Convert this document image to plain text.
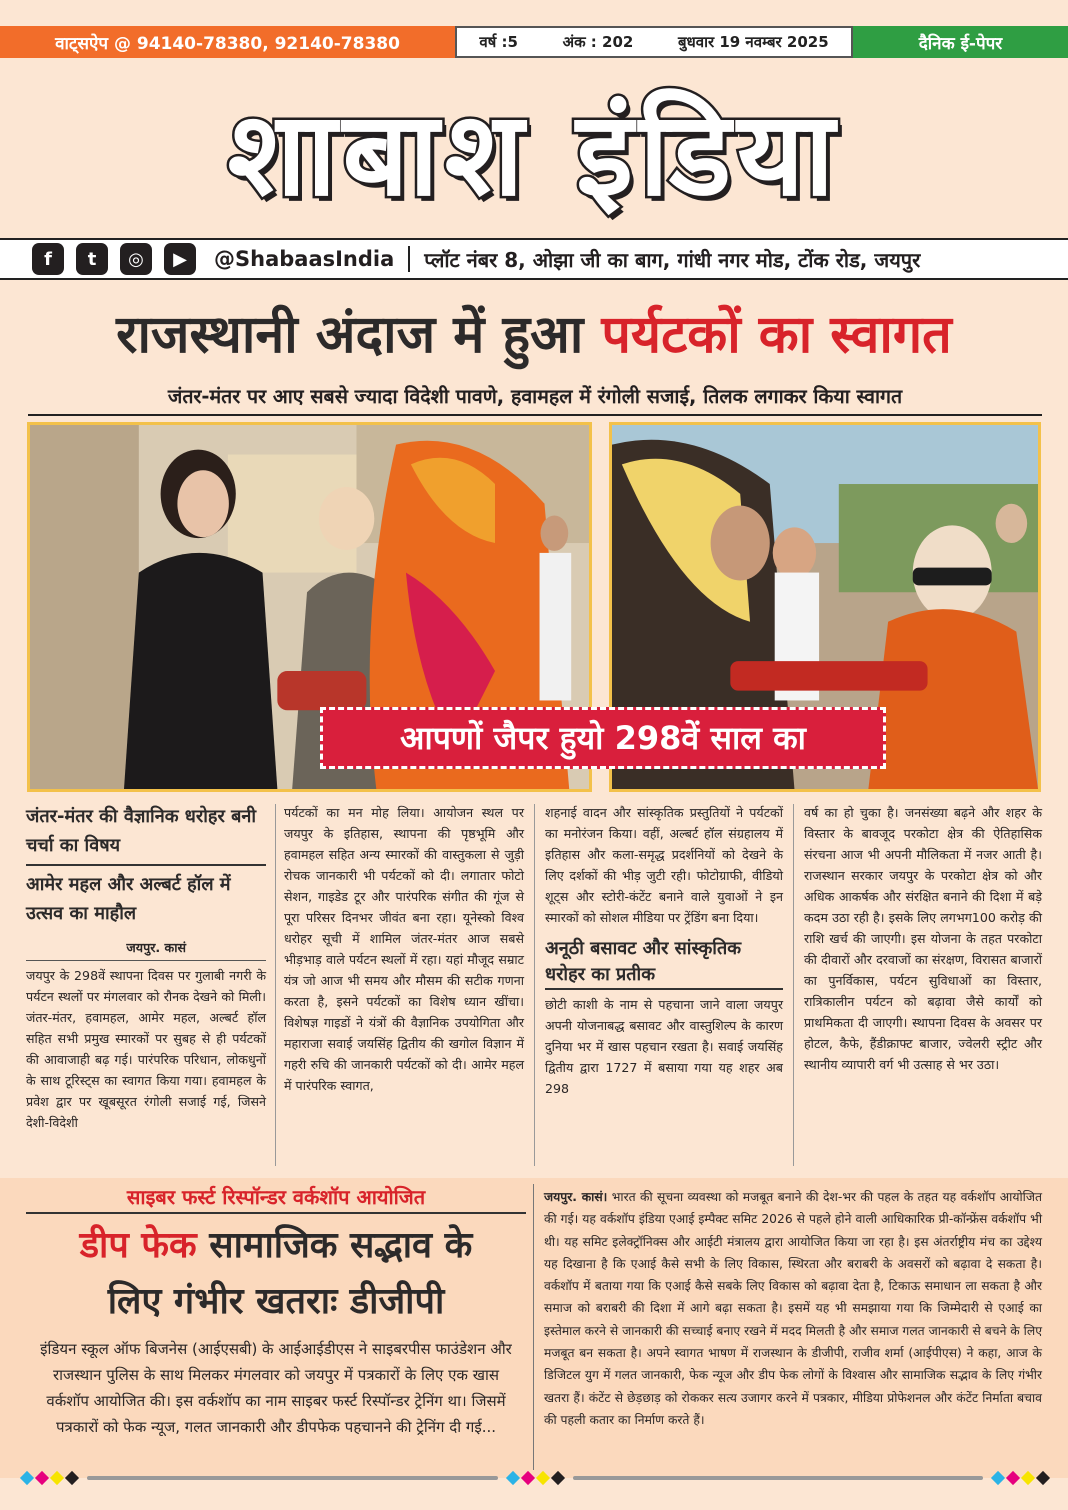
वाट्सऐप @ 94140-78380, 92140-78380	वर्ष :5	अंक : 202	बुधवार 19 नवम्बर 2025	दैनिक ई-पेपर
शाबाश इंडिया
f	t	◎	▶	@ShabaasIndia प्लॉट नंबर 8, ओझा जी का बाग, गांधी नगर मोड, टोंक रोड, जयपुर
राजस्थानी अंदाज में हुआ पर्यटकों का स्वागत
जंतर-मंतर पर आए सबसे ज्यादा विदेशी पावणे, हवामहल में रंगोली सजाई, तिलक लगाकर किया स्वागत
आपणों जैपर हुयो 298वें साल का
जंतर-मंतर की वैज्ञानिक धरोहर बनी चर्चा का विषय
आमेर महल और अल्बर्ट हॉल में उत्सव का माहौल
जयपुर. कासं
जयपुर के 298वें स्थापना दिवस पर गुलाबी नगरी के पर्यटन स्थलों पर मंगलवार को रौनक देखने को मिली। जंतर-मंतर, हवामहल, आमेर महल, अल्बर्ट हॉल सहित सभी प्रमुख स्मारकों पर सुबह से ही पर्यटकों की आवाजाही बढ़ गई। पारंपरिक परिधान, लोकधुनों के साथ टूरिस्ट्स का स्वागत किया गया। हवामहल के प्रवेश द्वार पर खूबसूरत रंगोली सजाई गई, जिसने देशी-विदेशी
पर्यटकों का मन मोह लिया। आयोजन स्थल पर जयपुर के इतिहास, स्थापना की पृष्ठभूमि और हवामहल सहित अन्य स्मारकों की वास्तुकला से जुड़ी रोचक जानकारी भी पर्यटकों को दी। लगातार फोटो सेशन, गाइडेड टूर और पारंपरिक संगीत की गूंज से पूरा परिसर दिनभर जीवंत बना रहा। यूनेस्को विश्व धरोहर सूची में शामिल जंतर-मंतर आज सबसे भीड़भाड़ वाले पर्यटन स्थलों में रहा। यहां मौजूद सम्राट यंत्र जो आज भी समय और मौसम की सटीक गणना करता है, इसने पर्यटकों का विशेष ध्यान खींचा। विशेषज्ञ गाइडों ने यंत्रों की वैज्ञानिक उपयोगिता और महाराजा सवाई जयसिंह द्वितीय की खगोल विज्ञान में गहरी रुचि की जानकारी पर्यटकों को दी। आमेर महल में पारंपरिक स्वागत,
शहनाई वादन और सांस्कृतिक प्रस्तुतियों ने पर्यटकों का मनोरंजन किया। वहीं, अल्बर्ट हॉल संग्रहालय में इतिहास और कला-समृद्ध प्रदर्शनियों को देखने के लिए दर्शकों की भीड़ जुटी रही। फोटोग्राफी, वीडियो शूट्स और स्टोरी-कंटेंट बनाने वाले युवाओं ने इन स्मारकों को सोशल मीडिया पर ट्रेंडिंग बना दिया।
अनूठी बसावट और सांस्कृतिक धरोहर का प्रतीक
छोटी काशी के नाम से पहचाना जाने वाला जयपुर अपनी योजनाबद्ध बसावट और वास्तुशिल्प के कारण दुनिया भर में खास पहचान रखता है। सवाई जयसिंह द्वितीय द्वारा 1727 में बसाया गया यह शहर अब 298
वर्ष का हो चुका है। जनसंख्या बढ़ने और शहर के विस्तार के बावजूद परकोटा क्षेत्र की ऐतिहासिक संरचना आज भी अपनी मौलिकता में नजर आती है। राजस्थान सरकार जयपुर के परकोटा क्षेत्र को और अधिक आकर्षक और संरक्षित बनाने की दिशा में बड़े कदम उठा रही है। इसके लिए लगभग100 करोड़ की राशि खर्च की जाएगी। इस योजना के तहत परकोटा की दीवारों और दरवाजों का संरक्षण, विरासत बाजारों का पुनर्विकास, पर्यटन सुविधाओं का विस्तार, रात्रिकालीन पर्यटन को बढ़ावा जैसे कार्यों को प्राथमिकता दी जाएगी। स्थापना दिवस के अवसर पर होटल, कैफे, हैंडीक्राफ्ट बाजार, ज्वेलरी स्ट्रीट और स्थानीय व्यापारी वर्ग भी उत्साह से भर उठा।
साइबर फर्स्ट रिस्पॉन्डर वर्कशॉप आयोजित
डीप फेक सामाजिक सद्भाव के
लिए गंभीर खतराः डीजीपी
इंडियन स्कूल ऑफ बिजनेस (आईएसबी) के आईआईडीएस ने साइबरपीस फाउंडेशन और राजस्थान पुलिस के साथ मिलकर मंगलवार को जयपुर में पत्रकारों के लिए एक खास वर्कशॉप आयोजित की। इस वर्कशॉप का नाम साइबर फर्स्ट रिस्पॉन्डर ट्रेनिंग था। जिसमें पत्रकारों को फेक न्यूज, गलत जानकारी और डीपफेक पहचानने की ट्रेनिंग दी गई...
जयपुर. कासं। भारत की सूचना व्यवस्था को मजबूत बनाने की देश-भर की पहल के तहत यह वर्कशॉप आयोजित की गई। यह वर्कशॉप इंडिया एआई इम्पैक्ट समिट 2026 से पहले होने वाली आधिकारिक प्री-कॉन्फ्रेंस वर्कशॉप भी थी। यह समिट इलेक्ट्रॉनिक्स और आईटी मंत्रालय द्वारा आयोजित किया जा रहा है। इस अंतर्राष्ट्रीय मंच का उद्देश्य यह दिखाना है कि एआई कैसे सभी के लिए विकास, स्थिरता और बराबरी के अवसरों को बढ़ावा दे सकता है। वर्कशॉप में बताया गया कि एआई कैसे सबके लिए विकास को बढ़ावा देता है, टिकाऊ समाधान ला सकता है और समाज को बराबरी की दिशा में आगे बढ़ा सकता है। इसमें यह भी समझाया गया कि जिम्मेदारी से एआई का इस्तेमाल करने से जानकारी की सच्चाई बनाए रखने में मदद मिलती है और समाज गलत जानकारी से बचने के लिए मजबूत बन सकता है। अपने स्वागत भाषण में राजस्थान के डीजीपी, राजीव शर्मा (आईपीएस) ने कहा, आज के डिजिटल युग में गलत जानकारी, फेक न्यूज और डीप फेक लोगों के विश्वास और सामाजिक सद्भाव के लिए गंभीर खतरा हैं। कंटेंट से छेड़छाड़ को रोककर सत्य उजागर करने में पत्रकार, मीडिया प्रोफेशनल और कंटेंट निर्माता बचाव की पहली कतार का निर्माण करते हैं।
